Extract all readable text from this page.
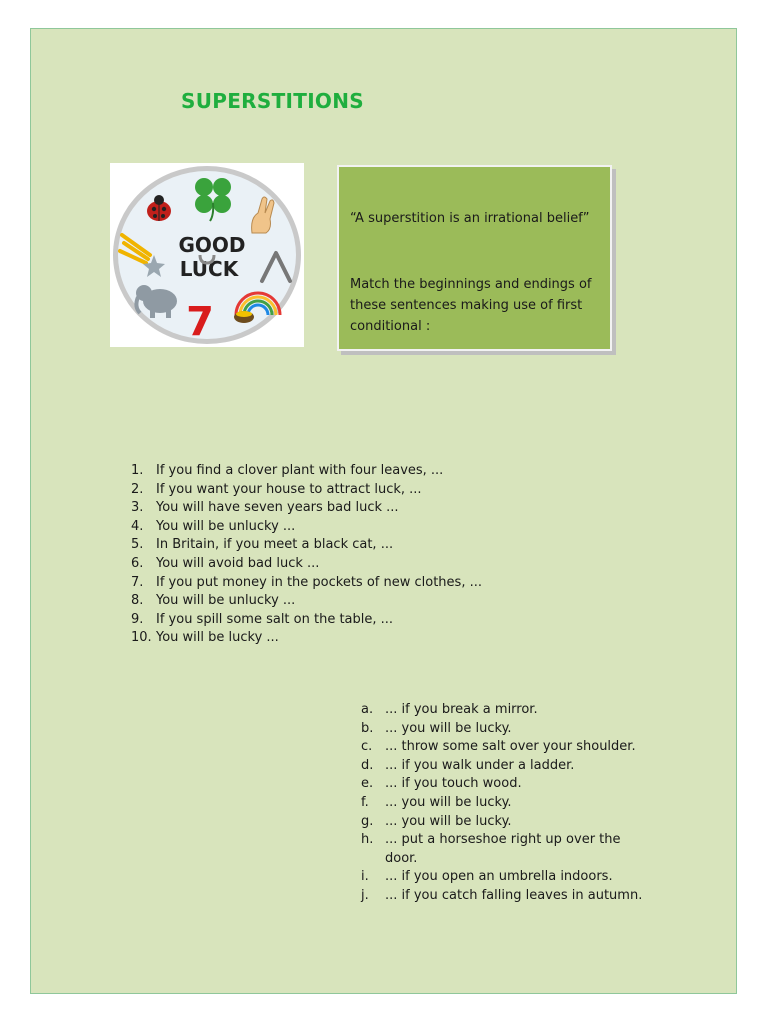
SUPERSTITIONS
GOOD
LUCK
7
“A superstition is an irrational belief”
Match the beginnings and endings of these sentences making use of first conditional :
1. If you find a clover plant with four leaves, ...
2. If you want your house to attract luck, ...
3. You will have seven years bad luck ...
4. You will be unlucky ...
5. In Britain, if you meet a black cat, ...
6. You will avoid bad luck ...
7. If you put money in the pockets of new clothes, ...
8. You will be unlucky ...
9. If you spill some salt on the table, ...
10. You will be lucky ...
a. ... if you break a mirror.
b. ... you will be lucky.
c. ... throw some salt over your shoulder.
d. ... if you walk under a ladder.
e. ... if you touch wood.
f.	... you will be lucky.
g. ... you will be lucky.
h. ... put a horseshoe right up over the door.
i.	... if you open an umbrella indoors.
j.	... if you catch falling leaves in autumn.
